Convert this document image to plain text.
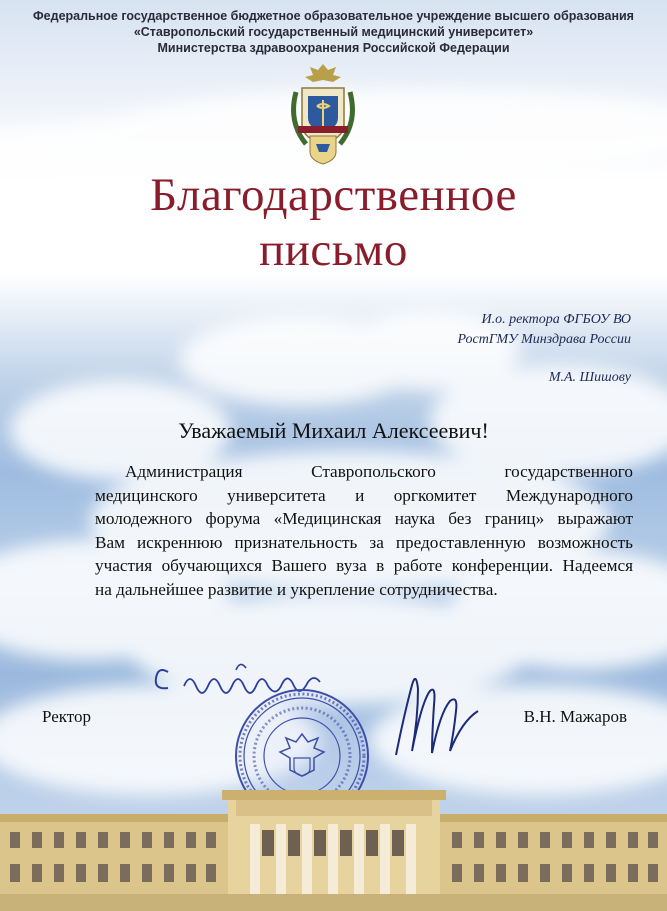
Федеральное государственное бюджетное образовательное учреждение высшего образования
«Ставропольский государственный медицинский университет»
Министерства здравоохранения Российской Федерации
Благодарственное
письмо
И.о. ректора ФГБОУ ВО
РостГМУ Минздрава России
М.А. Шишову
Уважаемый Михаил Алексеевич!
Администрация Ставропольского государственного
медицинского университета и оргкомитет Международного
молодежного форума «Медицинская наука без границ» выражают
Вам искреннюю признательность за предоставленную возможность
участия обучающихся Вашего вуза в работе конференции. Надеемся
на дальнейшее развитие и укрепление сотрудничества.
Ректор	В.Н. Мажаров
